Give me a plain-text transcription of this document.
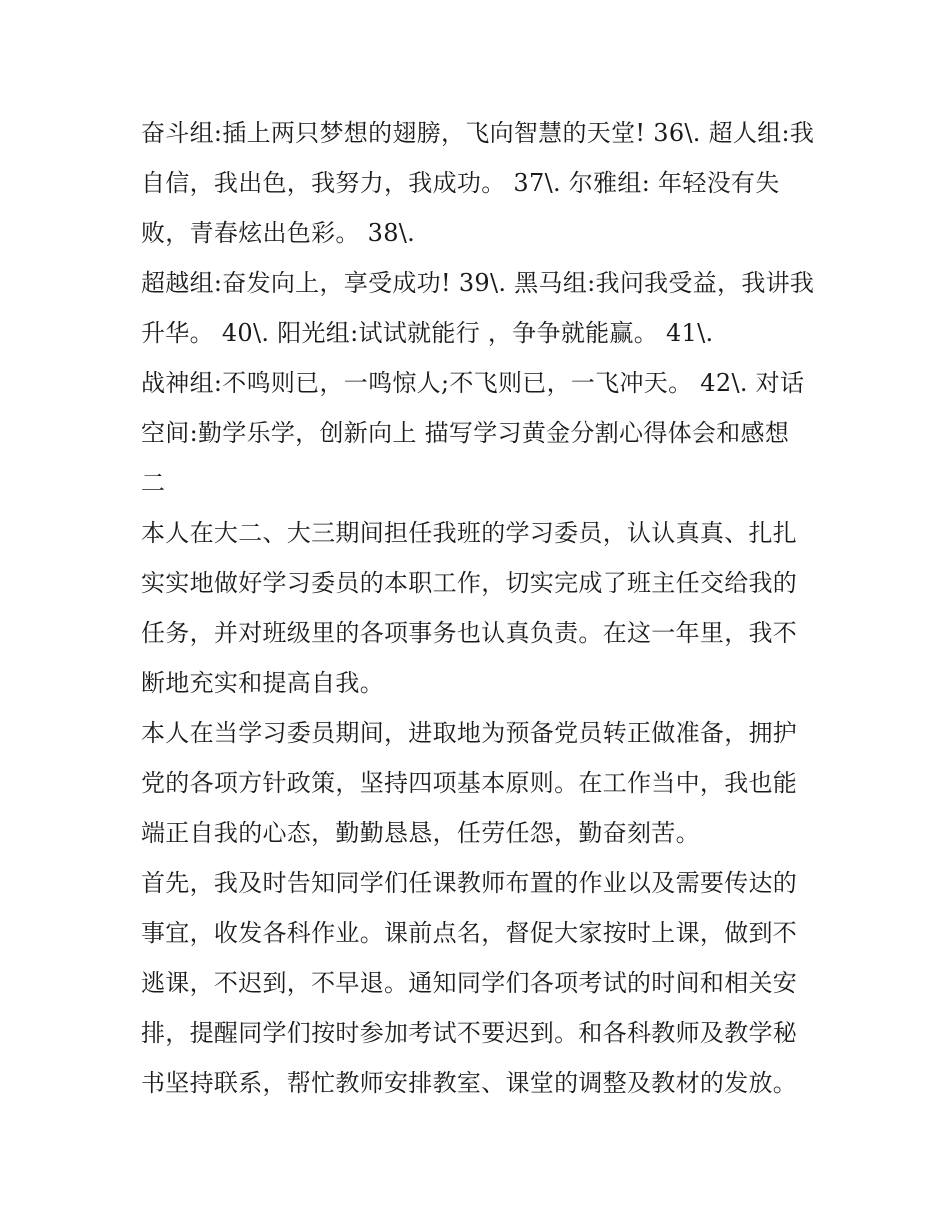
奋斗组:插上两只梦想的翅膀，飞向智慧的天堂! 36\. 超人组:我
自信，我出色，我努力，我成功。 37\. 尔雅组: 年轻没有失
败，青春炫出色彩。 38\.
超越组:奋发向上，享受成功! 39\. 黑马组:我问我受益，我讲我
升华。 40\. 阳光组:试试就能行 ，争争就能赢。 41\.
战神组:不鸣则已，一鸣惊人;不飞则已，一飞冲天。 42\. 对话
空间:勤学乐学，创新向上 描写学习黄金分割心得体会和感想
二
本人在大二、大三期间担任我班的学习委员，认认真真、扎扎
实实地做好学习委员的本职工作，切实完成了班主任交给我的
任务，并对班级里的各项事务也认真负责。在这一年里，我不
断地充实和提高自我。
本人在当学习委员期间，进取地为预备党员转正做准备，拥护
党的各项方针政策，坚持四项基本原则。在工作当中，我也能
端正自我的心态，勤勤恳恳，任劳任怨，勤奋刻苦。
首先，我及时告知同学们任课教师布置的作业以及需要传达的
事宜，收发各科作业。课前点名，督促大家按时上课，做到不
逃课，不迟到，不早退。通知同学们各项考试的时间和相关安
排，提醒同学们按时参加考试不要迟到。和各科教师及教学秘
书坚持联系，帮忙教师安排教室、课堂的调整及教材的发放。
